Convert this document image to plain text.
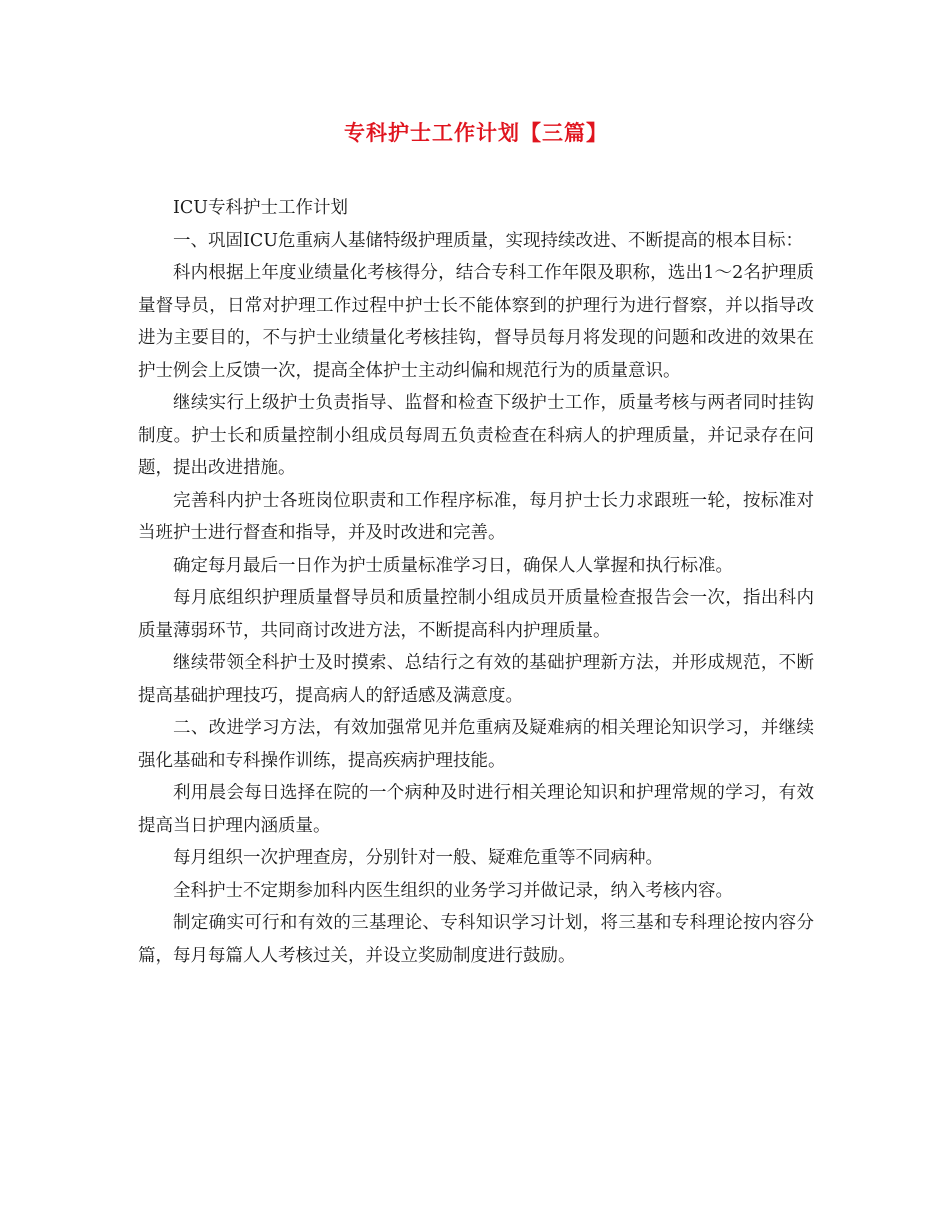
专科护士工作计划【三篇】

ICU专科护士工作计划

一、巩固ICU危重病人基储特级护理质量，实现持续改进、不断提高的根本目标：

科内根据上年度业绩量化考核得分，结合专科工作年限及职称，选出1～2名护理质量督导员，日常对护理工作过程中护士长不能体察到的护理行为进行督察，并以指导改进为主要目的，不与护士业绩量化考核挂钩，督导员每月将发现的问题和改进的效果在护士例会上反馈一次，提高全体护士主动纠偏和规范行为的质量意识。

继续实行上级护士负责指导、监督和检查下级护士工作，质量考核与两者同时挂钩制度。护士长和质量控制小组成员每周五负责检查在科病人的护理质量，并记录存在问题，提出改进措施。

完善科内护士各班岗位职责和工作程序标准，每月护士长力求跟班一轮，按标准对当班护士进行督查和指导，并及时改进和完善。

确定每月最后一日作为护士质量标准学习日，确保人人掌握和执行标准。

每月底组织护理质量督导员和质量控制小组成员开质量检查报告会一次，指出科内质量薄弱环节，共同商讨改进方法，不断提高科内护理质量。

继续带领全科护士及时摸索、总结行之有效的基础护理新方法，并形成规范，不断提高基础护理技巧，提高病人的舒适感及满意度。

二、改进学习方法，有效加强常见并危重病及疑难病的相关理论知识学习，并继续强化基础和专科操作训练，提高疾病护理技能。

利用晨会每日选择在院的一个病种及时进行相关理论知识和护理常规的学习，有效提高当日护理内涵质量。

每月组织一次护理查房，分别针对一般、疑难危重等不同病种。

全科护士不定期参加科内医生组织的业务学习并做记录，纳入考核内容。

制定确实可行和有效的三基理论、专科知识学习计划，将三基和专科理论按内容分篇，每月每篇人人考核过关，并设立奖励制度进行鼓励。
